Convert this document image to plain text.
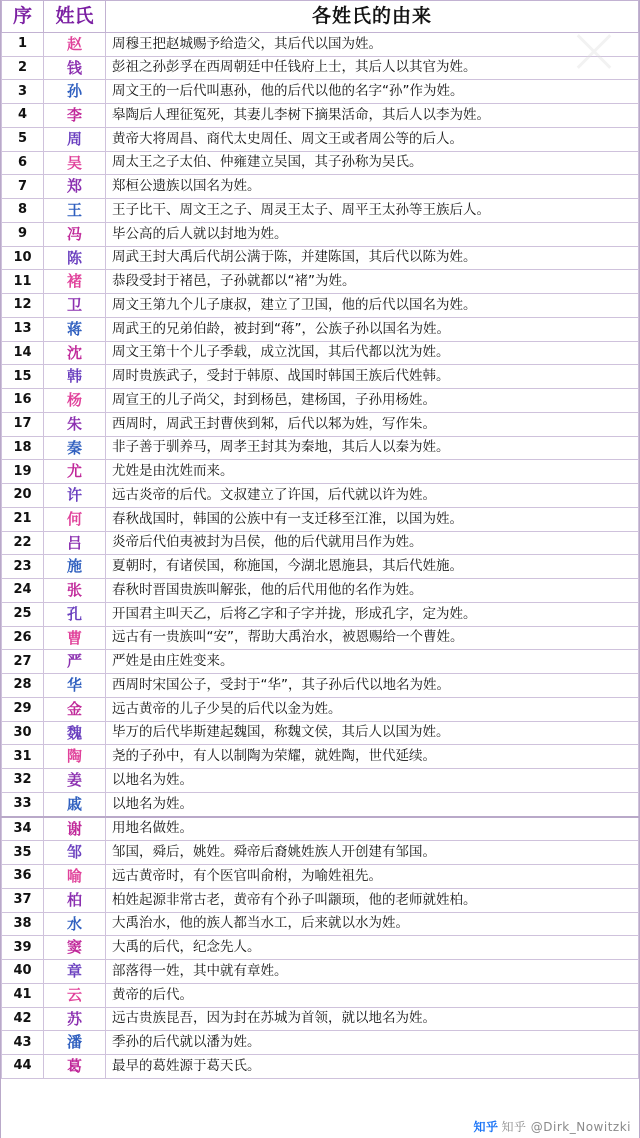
序	姓氏	各姓氏的由来
1	赵	周穆王把赵城赐予给造父，其后代以国为姓。
2	钱	彭祖之孙彭孚在西周朝廷中任钱府上士，其后人以其官为姓。
3	孙	周文王的一后代叫惠孙，他的后代以他的名字“孙”作为姓。
4	李	皋陶后人理征冤死，其妻儿李树下摘果活命，其后人以李为姓。
5	周	黄帝大将周昌、商代太史周任、周文王或者周公等的后人。
6	吴	周太王之子太伯、仲雍建立吴国，其子孙称为吴氏。
7	郑	郑桓公遗族以国名为姓。
8	王	王子比干、周文王之子、周灵王太子、周平王太孙等王族后人。
9	冯	毕公高的后人就以封地为姓。
10	陈	周武王封大禹后代胡公满于陈，并建陈国，其后代以陈为姓。
11	褚	恭段受封于褚邑，子孙就都以“褚”为姓。
12	卫	周文王第九个儿子康叔，建立了卫国，他的后代以国名为姓。
13	蒋	周武王的兄弟伯龄，被封到“蒋”，公族子孙以国名为姓。
14	沈	周文王第十个儿子季载，成立沈国，其后代都以沈为姓。
15	韩	周时贵族武子，受封于韩原、战国时韩国王族后代姓韩。
16	杨	周宣王的儿子尚父，封到杨邑，建杨国，子孙用杨姓。
17	朱	西周时，周武王封曹侠到邾，后代以邾为姓，写作朱。
18	秦	非子善于驯养马，周孝王封其为秦地，其后人以秦为姓。
19	尤	尤姓是由沈姓而来。
20	许	远古炎帝的后代。文叔建立了许国，后代就以许为姓。
21	何	春秋战国时，韩国的公族中有一支迁移至江淮，以国为姓。
22	吕	炎帝后代伯夷被封为吕侯，他的后代就用吕作为姓。
23	施	夏朝时，有诸侯国，称施国，今湖北恩施县，其后代姓施。
24	张	春秋时晋国贵族叫解张，他的后代用他的名作为姓。
25	孔	开国君主叫天乙，后将乙字和子字并拢，形成孔字，定为姓。
26	曹	远古有一贵族叫“安”，帮助大禹治水，被恩赐给一个曹姓。
27	严	严姓是由庄姓变来。
28	华	西周时宋国公子，受封于“华”，其子孙后代以地名为姓。
29	金	远古黄帝的儿子少昊的后代以金为姓。
30	魏	毕万的后代毕斯建起魏国，称魏文侯，其后人以国为姓。
31	陶	尧的子孙中，有人以制陶为荣耀，就姓陶，世代延续。
32	姜	以地名为姓。
33	戚	以地名为姓。
34	谢	用地名做姓。
35	邹	邹国，舜后，姚姓。舜帝后裔姚姓族人开创建有邹国。
36	喻	远古黄帝时，有个医官叫俞柎，为喻姓祖先。
37	柏	柏姓起源非常古老，黄帝有个孙子叫颛顼，他的老师就姓柏。
38	水	大禹治水，他的族人都当水工，后来就以水为姓。
39	窦	大禹的后代，纪念先人。
40	章	部落得一姓，其中就有章姓。
41	云	黄帝的后代。
42	苏	远古贵族昆吾，因为封在苏城为首领，就以地名为姓。
43	潘	季孙的后代就以潘为姓。
44	葛	最早的葛姓源于葛天氏。
知乎 知乎 @Dirk_Nowitzki
